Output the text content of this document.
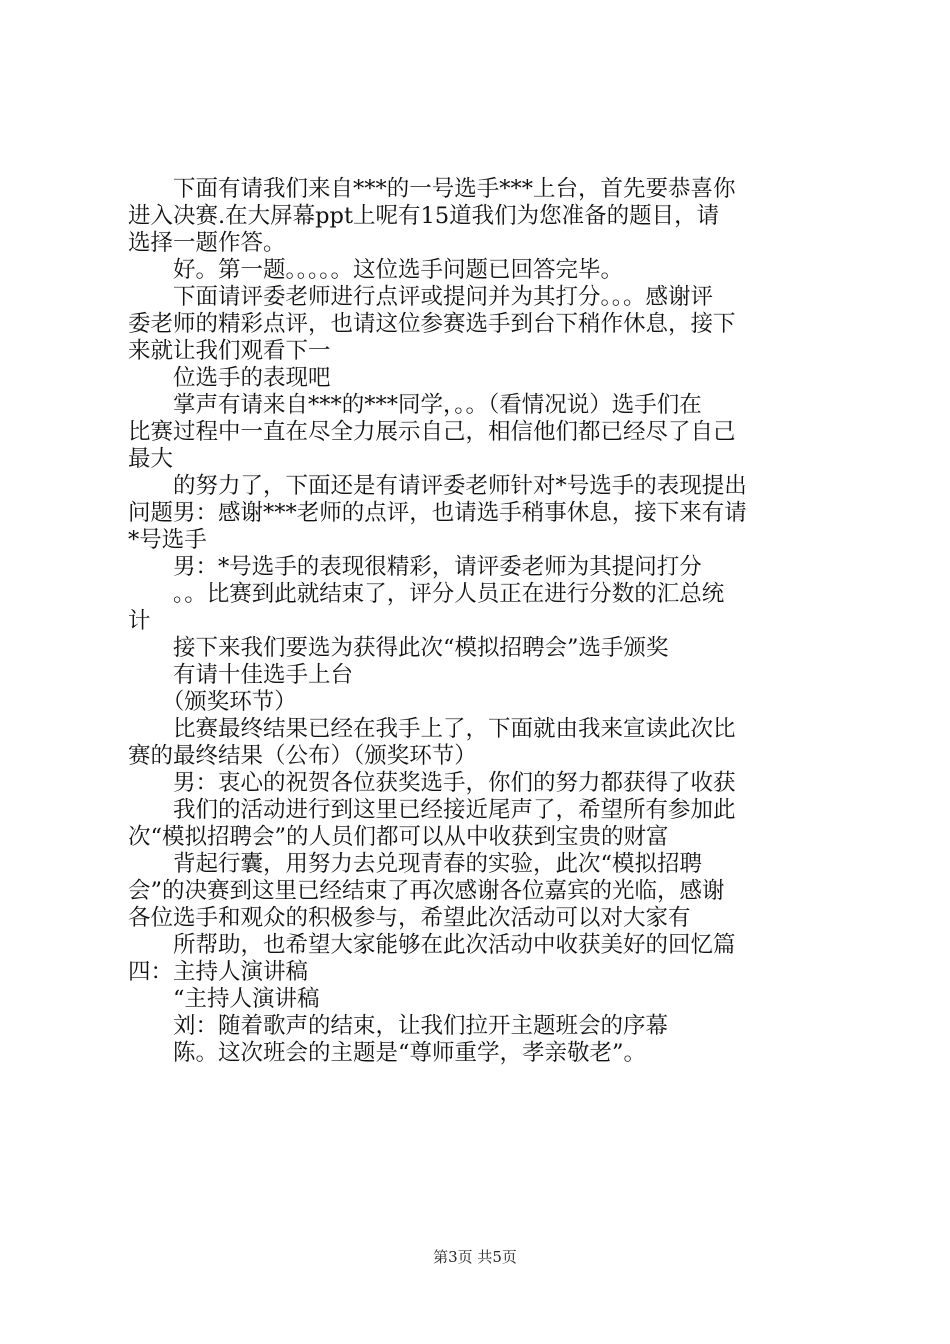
　　下面有请我们来自***的一号选手***上台，首先要恭喜你
进入决赛.在大屏幕ppt上呢有15道我们为您准备的题目，请
选择一题作答。
　　好。第一题。。。。。这位选手问题已回答完毕。
　　下面请评委老师进行点评或提问并为其打分。。。感谢评
委老师的精彩点评，也请这位参赛选手到台下稍作休息，接下
来就让我们观看下一
　　位选手的表现吧
　　掌声有请来自***的***同学，。。（看情况说）选手们在
比赛过程中一直在尽全力展示自己，相信他们都已经尽了自己
最大
　　的努力了，下面还是有请评委老师针对*号选手的表现提出
问题男：感谢***老师的点评，也请选手稍事休息，接下来有请
*号选手
　　男：*号选手的表现很精彩，请评委老师为其提问打分
　　。。比赛到此就结束了，评分人员正在进行分数的汇总统
计
　　接下来我们要选为获得此次“模拟招聘会”选手颁奖
　　有请十佳选手上台
　　（颁奖环节）
　　比赛最终结果已经在我手上了，下面就由我来宣读此次比
赛的最终结果（公布）（颁奖环节）
　　男：衷心的祝贺各位获奖选手，你们的努力都获得了收获
　　我们的活动进行到这里已经接近尾声了，希望所有参加此
次“模拟招聘会”的人员们都可以从中收获到宝贵的财富
　　背起行囊，用努力去兑现青春的实验，此次“模拟招聘
会”的决赛到这里已经结束了再次感谢各位嘉宾的光临，感谢
各位选手和观众的积极参与，希望此次活动可以对大家有
　　所帮助，也希望大家能够在此次活动中收获美好的回忆篇
四：主持人演讲稿
　　“主持人演讲稿
　　刘：随着歌声的结束，让我们拉开主题班会的序幕
　　陈。这次班会的主题是“尊师重学，孝亲敬老”。
第3页 共5页
